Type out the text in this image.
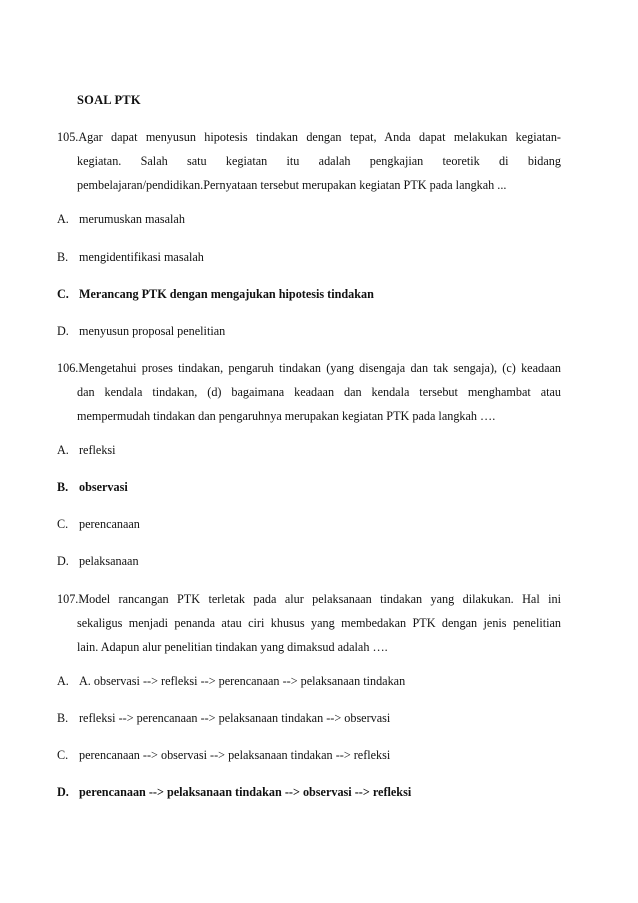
SOAL PTK
105.Agar dapat menyusun hipotesis tindakan dengan tepat, Anda dapat melakukan kegiatan-
kegiatan. Salah satu kegiatan itu adalah pengkajian teoretik di bidang
pembelajaran/pendidikan.Pernyataan tersebut merupakan kegiatan PTK pada langkah ...
A. merumuskan masalah
B. mengidentifikasi masalah
C. Merancang PTK dengan mengajukan hipotesis tindakan
D. menyusun proposal penelitian
106.Mengetahui proses tindakan, pengaruh tindakan (yang disengaja dan tak sengaja), (c) keadaan
dan kendala tindakan, (d) bagaimana keadaan dan kendala tersebut menghambat atau
mempermudah tindakan dan pengaruhnya merupakan kegiatan PTK pada langkah ….
A. refleksi
B. observasi
C. perencanaan
D. pelaksanaan
107.Model rancangan PTK terletak pada alur pelaksanaan tindakan yang dilakukan. Hal ini
sekaligus menjadi penanda atau ciri khusus yang membedakan PTK dengan jenis penelitian
lain. Adapun alur penelitian tindakan yang dimaksud adalah ….
A. A. observasi --> refleksi --> perencanaan --> pelaksanaan tindakan
B. refleksi --> perencanaan --> pelaksanaan tindakan --> observasi
C. perencanaan --> observasi --> pelaksanaan tindakan --> refleksi
D. perencanaan --> pelaksanaan tindakan --> observasi --> refleksi
